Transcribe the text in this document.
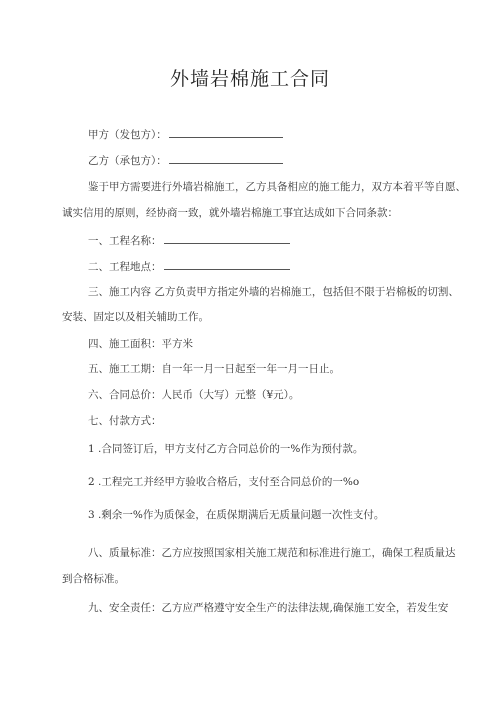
外墙岩棉施工合同
甲方（发包方）：
乙方（承包方）：
鉴于甲方需要进行外墙岩棉施工，乙方具备相应的施工能力，双方本着平等自愿、
诚实信用的原则，经协商一致，就外墙岩棉施工事宜达成如下合同条款：
一、工程名称：
二、工程地点：
三、施工内容 乙方负责甲方指定外墙的岩棉施工，包括但不限于岩棉板的切割、
安装、固定以及相关辅助工作。
四、施工面积：平方米
五、施工工期：自一年一月一日起至一年一月一日止。
六、合同总价：人民币（大写）元整（¥元）。
七、付款方式：
1 .合同签订后，甲方支付乙方合同总价的一%作为预付款。
2 .工程完工并经甲方验收合格后，支付至合同总价的一%o
3 .剩余一%作为质保金，在质保期满后无质量问题一次性支付。
八、质量标准：乙方应按照国家相关施工规范和标准进行施工，确保工程质量达
到合格标准。
九、安全责任：乙方应严格遵守安全生产的法律法规,确保施工安全，若发生安
